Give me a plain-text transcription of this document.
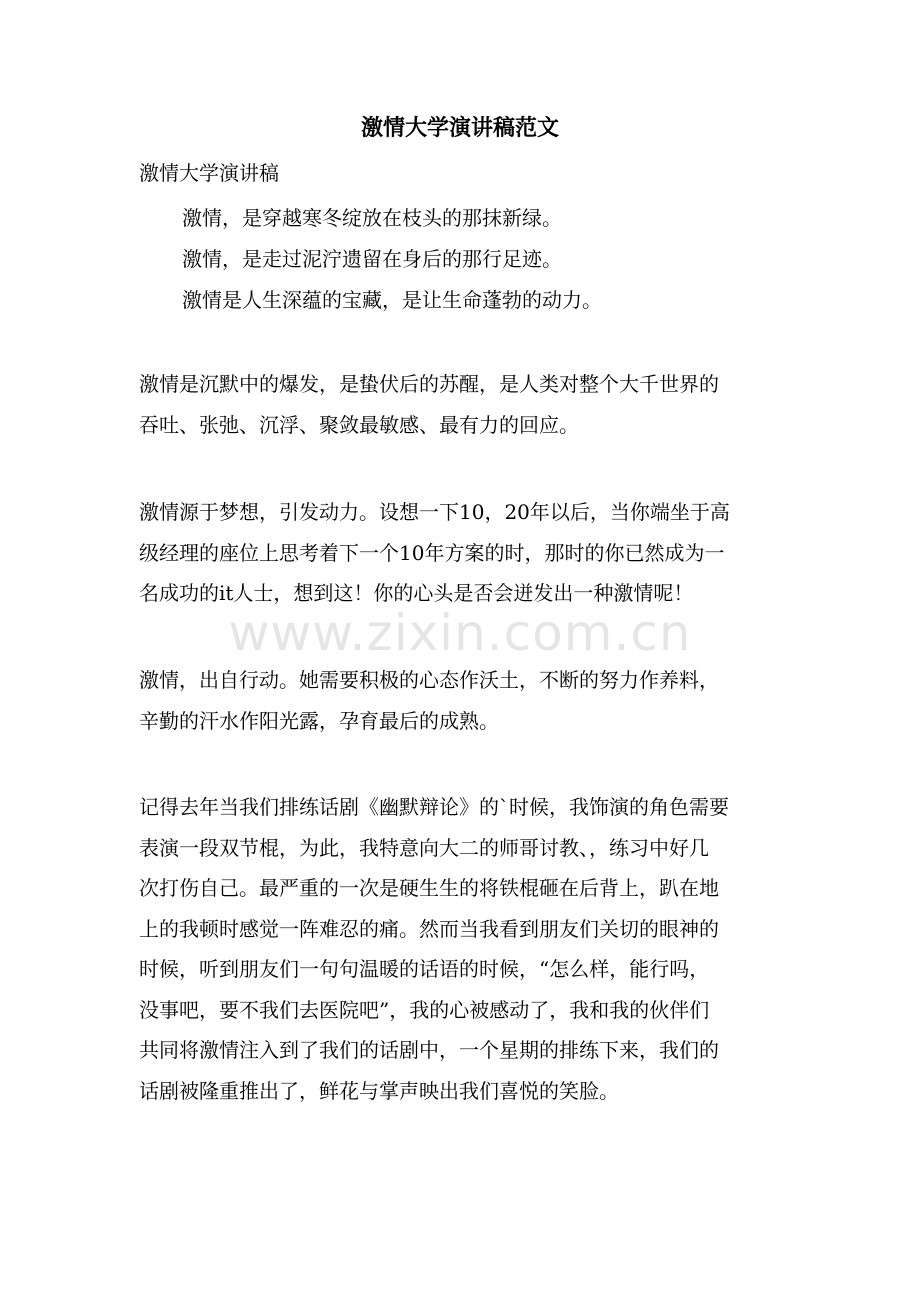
激情大学演讲稿范文
激情大学演讲稿
激情，是穿越寒冬绽放在枝头的那抹新绿。
激情，是走过泥泞遗留在身后的那行足迹。
激情是人生深蕴的宝藏，是让生命蓬勃的动力。
激情是沉默中的爆发，是蛰伏后的苏醒，是人类对整个大千世界的
吞吐、张弛、沉浮、聚敛最敏感、最有力的回应。
激情源于梦想，引发动力。设想一下10，20年以后，当你端坐于高
级经理的座位上思考着下一个10年方案的时，那时的你已然成为一
名成功的it人士，想到这！你的心头是否会迸发出一种激情呢！
www.zixin.com.cn
激情，出自行动。她需要积极的心态作沃土，不断的努力作养料，
辛勤的汗水作阳光露，孕育最后的成熟。
记得去年当我们排练话剧《幽默辩论》的`时候，我饰演的角色需要
表演一段双节棍，为此，我特意向大二的师哥讨教、，练习中好几
次打伤自己。最严重的一次是硬生生的将铁棍砸在后背上，趴在地
上的我顿时感觉一阵难忍的痛。然而当我看到朋友们关切的眼神的
时候，听到朋友们一句句温暖的话语的时候，“怎么样，能行吗，
没事吧，要不我们去医院吧”，我的心被感动了，我和我的伙伴们
共同将激情注入到了我们的话剧中，一个星期的排练下来，我们的
话剧被隆重推出了，鲜花与掌声映出我们喜悦的笑脸。
